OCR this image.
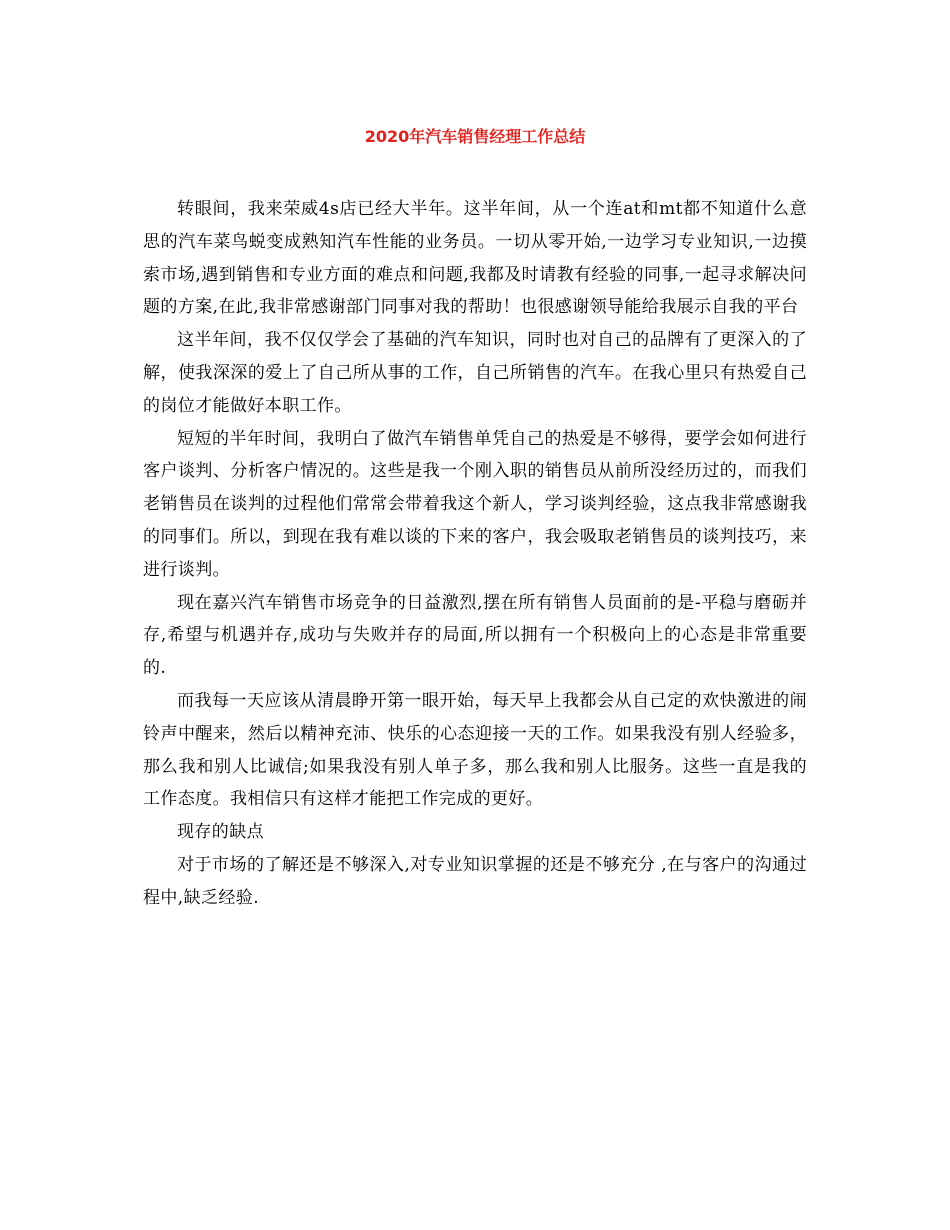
2020年汽车销售经理工作总结

转眼间，我来荣威4s店已经大半年。这半年间，从一个连at和mt都不知道什么意思的汽车菜鸟蜕变成熟知汽车性能的业务员。一切从零开始,一边学习专业知识,一边摸索市场,遇到销售和专业方面的难点和问题,我都及时请教有经验的同事,一起寻求解决问题的方案,在此,我非常感谢部门同事对我的帮助！也很感谢领导能给我展示自我的平台

这半年间，我不仅仅学会了基础的汽车知识，同时也对自己的品牌有了更深入的了解，使我深深的爱上了自己所从事的工作，自己所销售的汽车。在我心里只有热爱自己的岗位才能做好本职工作。

短短的半年时间，我明白了做汽车销售单凭自己的热爱是不够得，要学会如何进行客户谈判、分析客户情况的。这些是我一个刚入职的销售员从前所没经历过的，而我们老销售员在谈判的过程他们常常会带着我这个新人，学习谈判经验，这点我非常感谢我的同事们。所以，到现在我有难以谈的下来的客户，我会吸取老销售员的谈判技巧，来进行谈判。

现在嘉兴汽车销售市场竞争的日益激烈,摆在所有销售人员面前的是-平稳与磨砺并存,希望与机遇并存,成功与失败并存的局面,所以拥有一个积极向上的心态是非常重要的.

而我每一天应该从清晨睁开第一眼开始，每天早上我都会从自己定的欢快激进的闹铃声中醒来，然后以精神充沛、快乐的心态迎接一天的工作。如果我没有别人经验多，那么我和别人比诚信;如果我没有别人单子多，那么我和别人比服务。这些一直是我的工作态度。我相信只有这样才能把工作完成的更好。

现存的缺点

对于市场的了解还是不够深入,对专业知识掌握的还是不够充分 ,在与客户的沟通过程中,缺乏经验.
